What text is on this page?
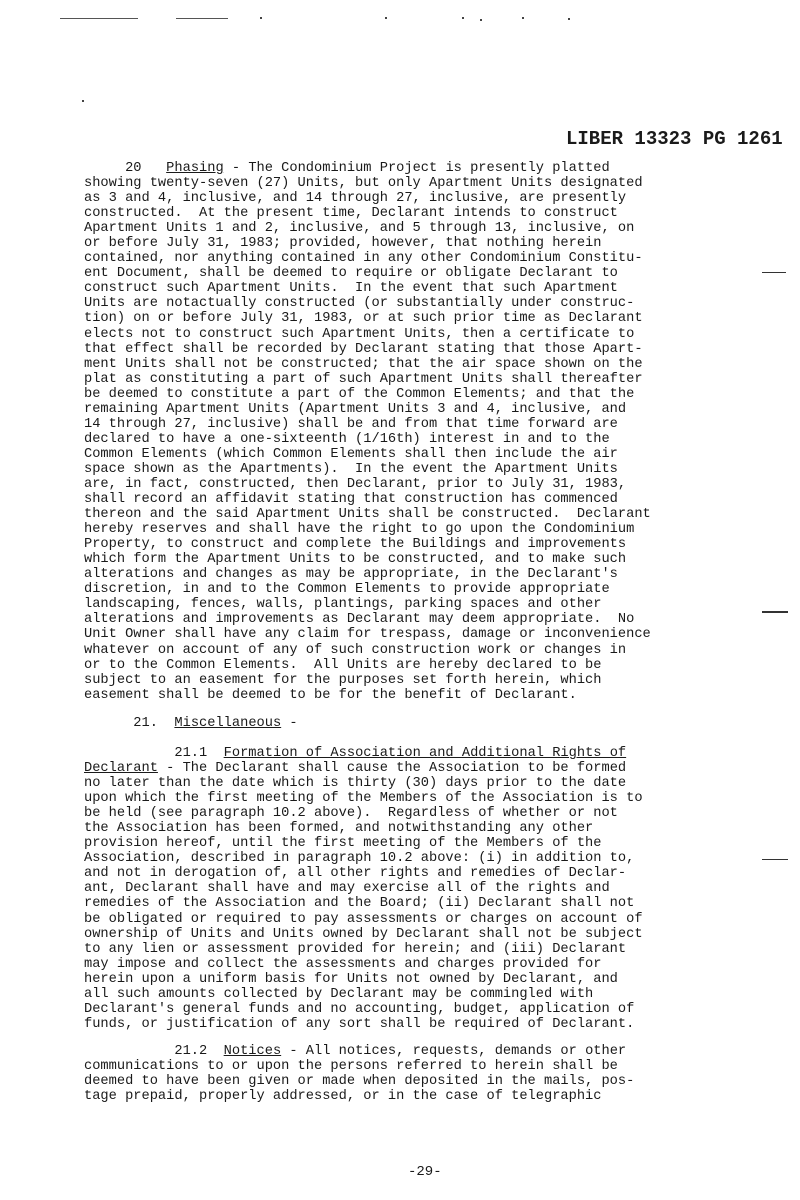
LIBER 13323 PG 1261
20 Phasing - The Condominium Project is presently platted
showing twenty-seven (27) Units, but only Apartment Units designated
as 3 and 4, inclusive, and 14 through 27, inclusive, are presently
constructed.  At the present time, Declarant intends to construct
Apartment Units 1 and 2, inclusive, and 5 through 13, inclusive, on
or before July 31, 1983; provided, however, that nothing herein
contained, nor anything contained in any other Condominium Constitu-
ent Document, shall be deemed to require or obligate Declarant to
construct such Apartment Units.  In the event that such Apartment
Units are notactually constructed (or substantially under construc-
tion) on or before July 31, 1983, or at such prior time as Declarant
elects not to construct such Apartment Units, then a certificate to
that effect shall be recorded by Declarant stating that those Apart-
ment Units shall not be constructed; that the air space shown on the
plat as constituting a part of such Apartment Units shall thereafter
be deemed to constitute a part of the Common Elements; and that the
remaining Apartment Units (Apartment Units 3 and 4, inclusive, and
14 through 27, inclusive) shall be and from that time forward are
declared to have a one-sixteenth (1/16th) interest in and to the
Common Elements (which Common Elements shall then include the air
space shown as the Apartments).  In the event the Apartment Units
are, in fact, constructed, then Declarant, prior to July 31, 1983,
shall record an affidavit stating that construction has commenced
thereon and the said Apartment Units shall be constructed.  Declarant
hereby reserves and shall have the right to go upon the Condominium
Property, to construct and complete the Buildings and improvements
which form the Apartment Units to be constructed, and to make such
alterations and changes as may be appropriate, in the Declarant's
discretion, in and to the Common Elements to provide appropriate
landscaping, fences, walls, plantings, parking spaces and other
alterations and improvements as Declarant may deem appropriate.  No
Unit Owner shall have any claim for trespass, damage or inconvenience
whatever on account of any of such construction work or changes in
or to the Common Elements.  All Units are hereby declared to be
subject to an easement for the purposes set forth herein, which
easement shall be deemed to be for the benefit of Declarant.
21. Miscellaneous -
21.1 Formation of Association and Additional Rights of
Declarant - The Declarant shall cause the Association to be formed
no later than the date which is thirty (30) days prior to the date
upon which the first meeting of the Members of the Association is to
be held (see paragraph 10.2 above).  Regardless of whether or not
the Association has been formed, and notwithstanding any other
provision hereof, until the first meeting of the Members of the
Association, described in paragraph 10.2 above: (i) in addition to,
and not in derogation of, all other rights and remedies of Declar-
ant, Declarant shall have and may exercise all of the rights and
remedies of the Association and the Board; (ii) Declarant shall not
be obligated or required to pay assessments or charges on account of
ownership of Units and Units owned by Declarant shall not be subject
to any lien or assessment provided for herein; and (iii) Declarant
may impose and collect the assessments and charges provided for
herein upon a uniform basis for Units not owned by Declarant, and
all such amounts collected by Declarant may be commingled with
Declarant's general funds and no accounting, budget, application of
funds, or justification of any sort shall be required of Declarant.
21.2 Notices - All notices, requests, demands or other
communications to or upon the persons referred to herein shall be
deemed to have been given or made when deposited in the mails, pos-
tage prepaid, properly addressed, or in the case of telegraphic
-29-
